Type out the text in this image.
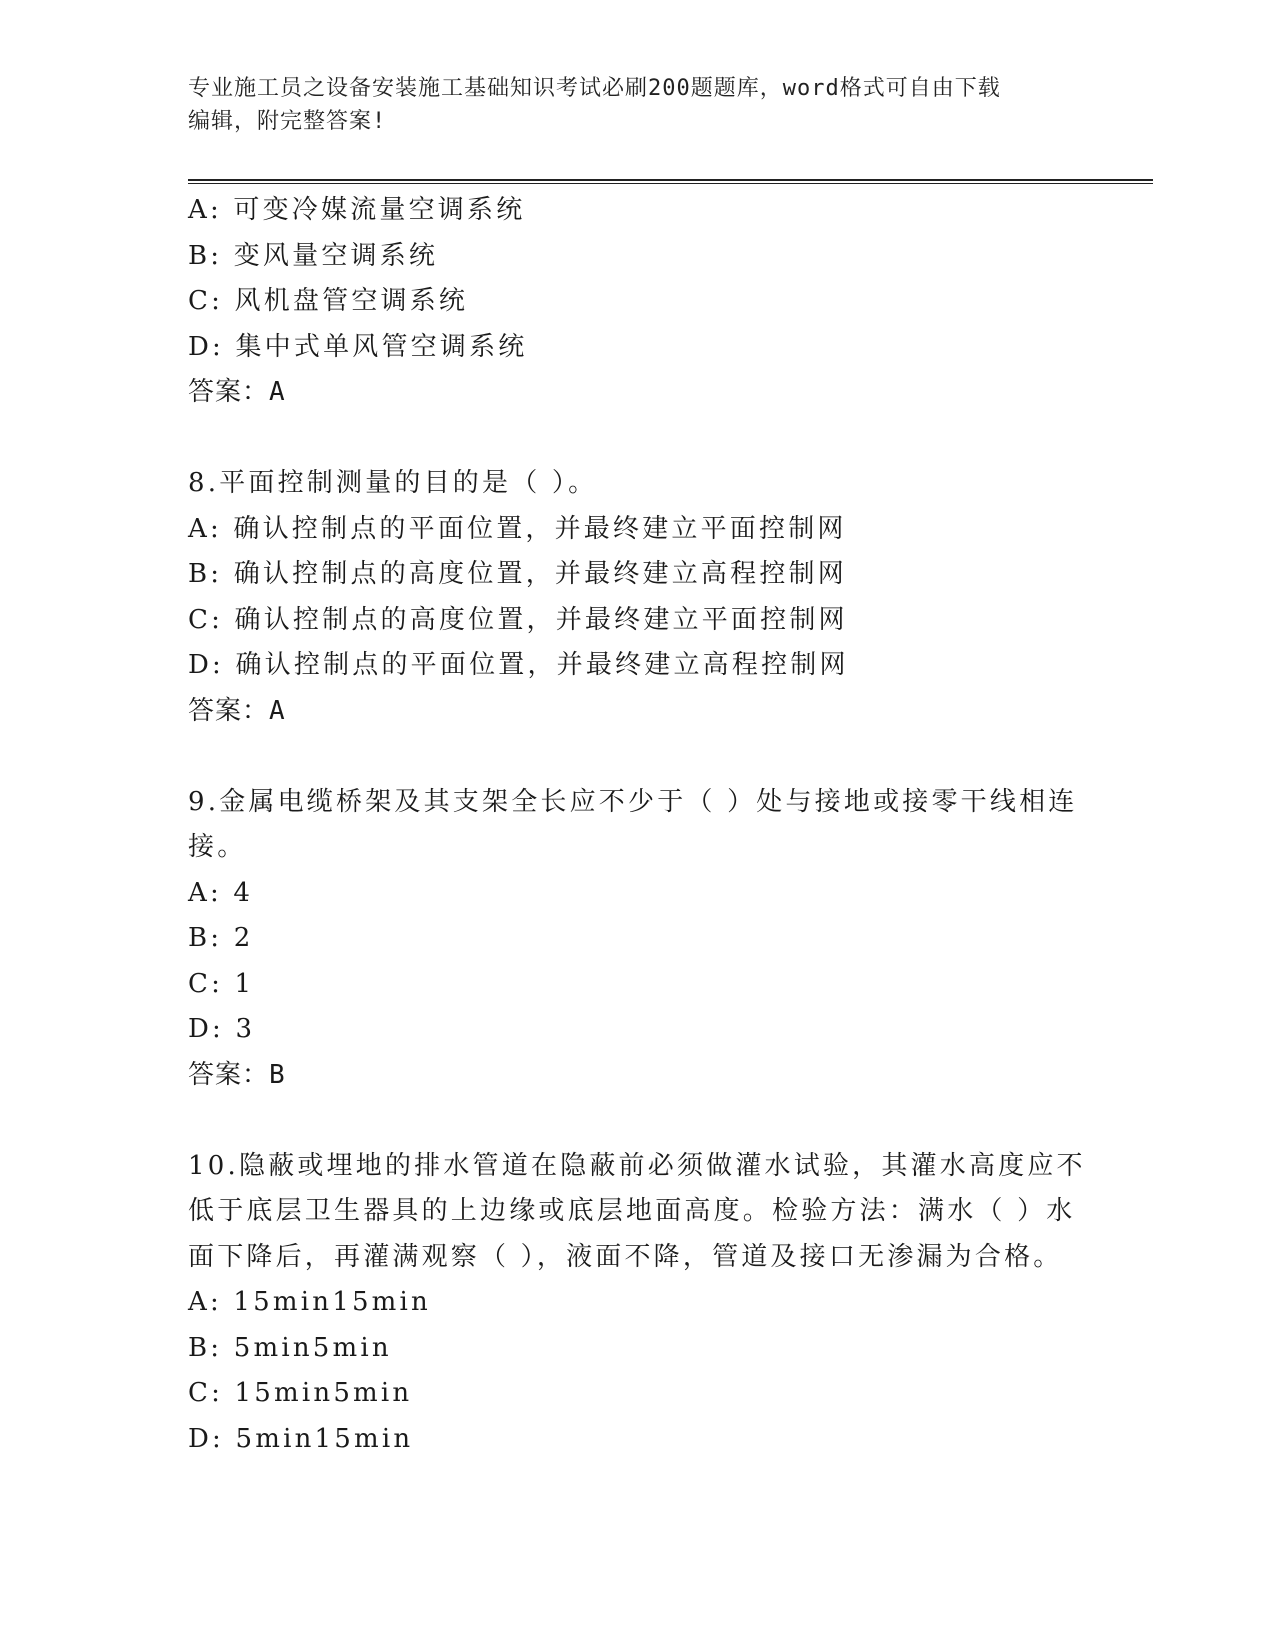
专业施工员之设备安装施工基础知识考试必刷200题题库，word格式可自由下载
编辑，附完整答案!
A: 可变冷媒流量空调系统
B: 变风量空调系统
C: 风机盘管空调系统
D: 集中式单风管空调系统
答案：A
8.平面控制测量的目的是（ ）。
A: 确认控制点的平面位置，并最终建立平面控制网
B: 确认控制点的高度位置，并最终建立高程控制网
C: 确认控制点的高度位置，并最终建立平面控制网
D: 确认控制点的平面位置，并最终建立高程控制网
答案：A
9.金属电缆桥架及其支架全长应不少于（ ）处与接地或接零干线相连
接。
A: 4
B: 2
C: 1
D: 3
答案：B
10.隐蔽或埋地的排水管道在隐蔽前必须做灌水试验，其灌水高度应不
低于底层卫生器具的上边缘或底层地面高度。检验方法：满水（ ）水
面下降后，再灌满观察（ ），液面不降，管道及接口无渗漏为合格。
A: 15min15min
B: 5min5min
C: 15min5min
D: 5min15min
